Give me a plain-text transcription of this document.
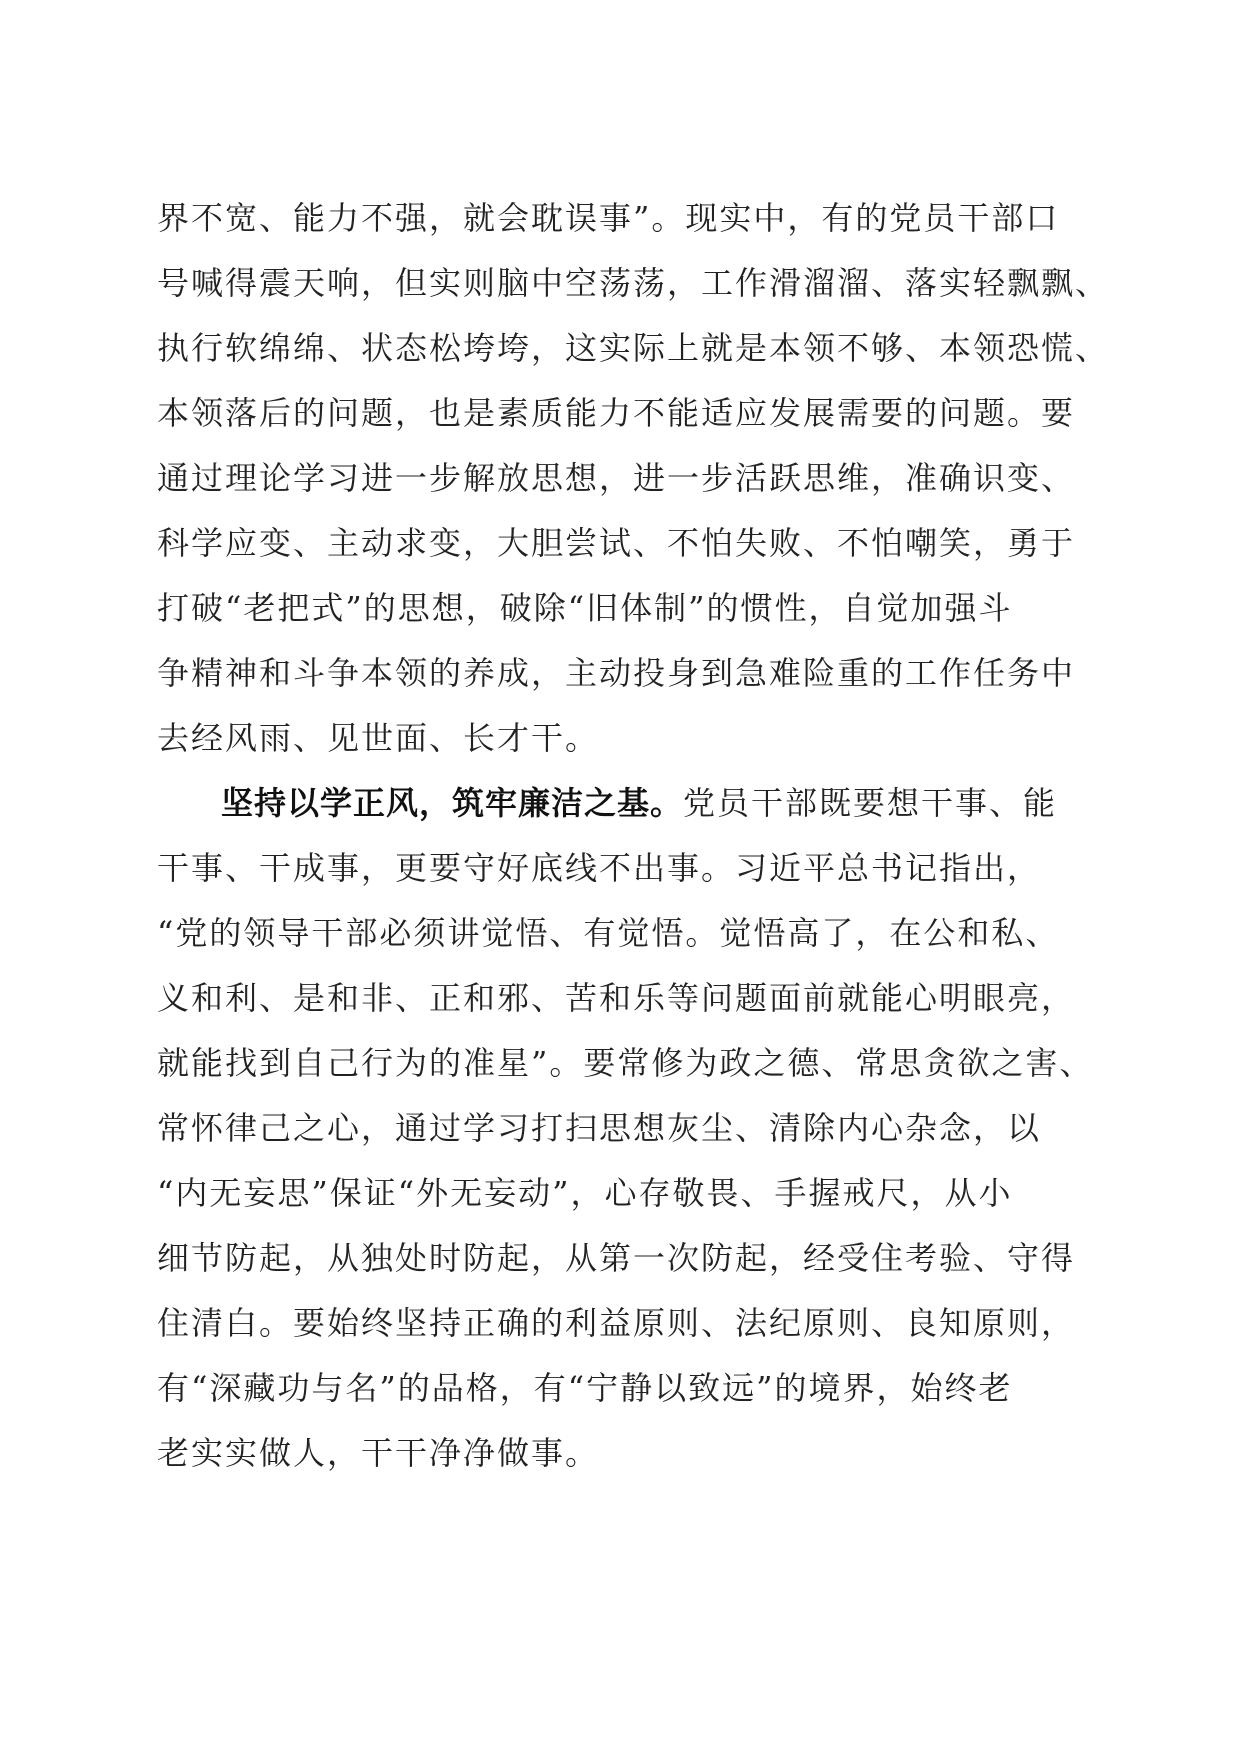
界不宽、能力不强，就会耽误事”。现实中，有的党员干部口
号喊得震天响，但实则脑中空荡荡，工作滑溜溜、落实轻飘飘、
执行软绵绵、状态松垮垮，这实际上就是本领不够、本领恐慌、
本领落后的问题，也是素质能力不能适应发展需要的问题。要
通过理论学习进一步解放思想，进一步活跃思维，准确识变、
科学应变、主动求变，大胆尝试、不怕失败、不怕嘲笑，勇于
打破“老把式”的思想，破除“旧体制”的惯性，自觉加强斗
争精神和斗争本领的养成，主动投身到急难险重的工作任务中
去经风雨、见世面、长才干。
坚持以学正风，筑牢廉洁之基。党员干部既要想干事、能
干事、干成事，更要守好底线不出事。习近平总书记指出，
“党的领导干部必须讲觉悟、有觉悟。觉悟高了，在公和私、
义和利、是和非、正和邪、苦和乐等问题面前就能心明眼亮，
就能找到自己行为的准星”。要常修为政之德、常思贪欲之害、
常怀律己之心，通过学习打扫思想灰尘、清除内心杂念，以
“内无妄思”保证“外无妄动”，心存敬畏、手握戒尺，从小
细节防起，从独处时防起，从第一次防起，经受住考验、守得
住清白。要始终坚持正确的利益原则、法纪原则、良知原则，
有“深藏功与名”的品格，有“宁静以致远”的境界，始终老
老实实做人，干干净净做事。
